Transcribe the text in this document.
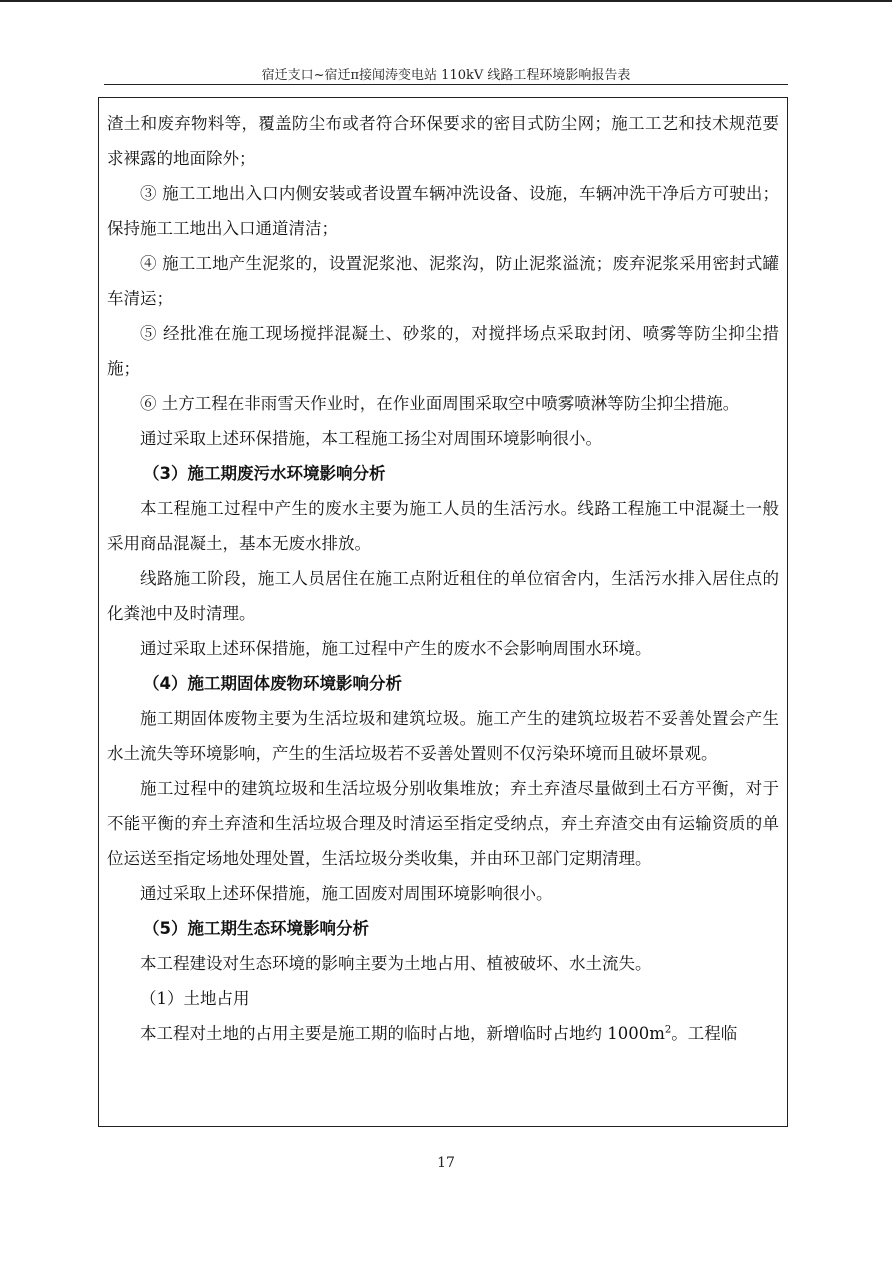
宿迁支口~宿迁π接闻涛变电站 110kV 线路工程环境影响报告表

渣土和废弃物料等，覆盖防尘布或者符合环保要求的密目式防尘网；施工工艺和技术规范要求裸露的地面除外；

③ 施工工地出入口内侧安装或者设置车辆冲洗设备、设施，车辆冲洗干净后方可驶出；保持施工工地出入口通道清洁；

④ 施工工地产生泥浆的，设置泥浆池、泥浆沟，防止泥浆溢流；废弃泥浆采用密封式罐车清运；

⑤ 经批准在施工现场搅拌混凝土、砂浆的，对搅拌场点采取封闭、喷雾等防尘抑尘措施；

⑥ 土方工程在非雨雪天作业时，在作业面周围采取空中喷雾喷淋等防尘抑尘措施。

通过采取上述环保措施，本工程施工扬尘对周围环境影响很小。

（3）施工期废污水环境影响分析

本工程施工过程中产生的废水主要为施工人员的生活污水。线路工程施工中混凝土一般采用商品混凝土，基本无废水排放。

线路施工阶段，施工人员居住在施工点附近租住的单位宿舍内，生活污水排入居住点的化粪池中及时清理。

通过采取上述环保措施，施工过程中产生的废水不会影响周围水环境。

（4）施工期固体废物环境影响分析

施工期固体废物主要为生活垃圾和建筑垃圾。施工产生的建筑垃圾若不妥善处置会产生水土流失等环境影响，产生的生活垃圾若不妥善处置则不仅污染环境而且破坏景观。

施工过程中的建筑垃圾和生活垃圾分别收集堆放；弃土弃渣尽量做到土石方平衡，对于不能平衡的弃土弃渣和生活垃圾合理及时清运至指定受纳点，弃土弃渣交由有运输资质的单位运送至指定场地处理处置，生活垃圾分类收集，并由环卫部门定期清理。

通过采取上述环保措施，施工固废对周围环境影响很小。

（5）施工期生态环境影响分析

本工程建设对生态环境的影响主要为土地占用、植被破坏、水土流失。

（1）土地占用

本工程对土地的占用主要是施工期的临时占地，新增临时占地约 $1000m^2$。工程临

17
